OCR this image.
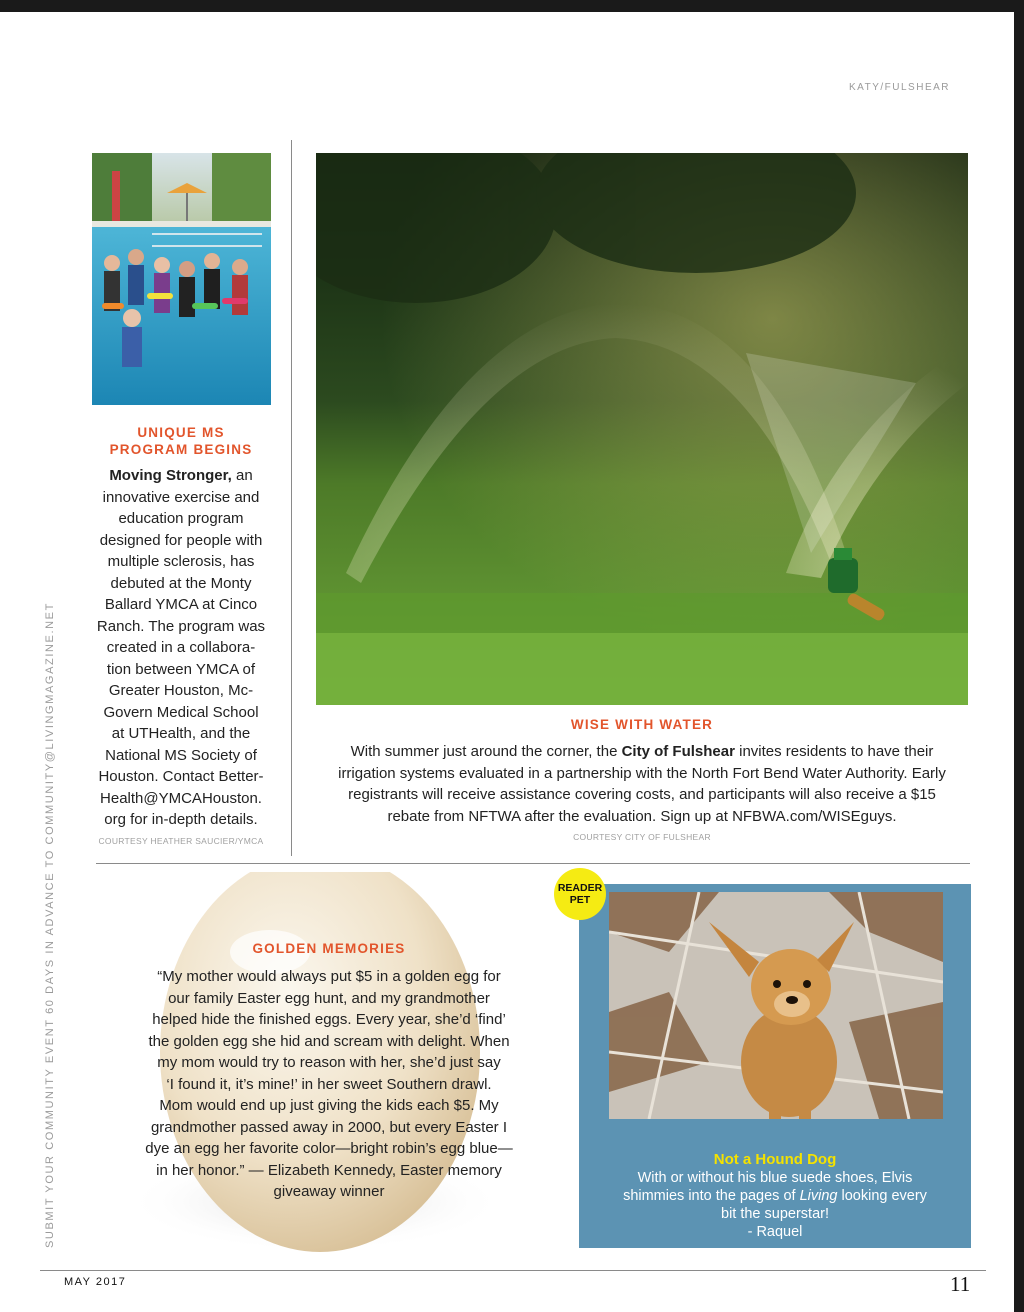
KATY/FULSHEAR
UNIQUE MS
PROGRAM BEGINS
Moving Stronger, an
innovative exercise and
education program
designed for people with
multiple sclerosis, has
debuted at the Monty
Ballard YMCA at Cinco
Ranch. The program was
created in a collabora-
tion between YMCA of
Greater Houston, Mc-
Govern Medical School
at UTHealth, and the
National MS Society of
Houston. Contact Better-
Health@YMCAHouston.
org for in-depth details.
COURTESY HEATHER SAUCIER/YMCA
WISE WITH WATER
With summer just around the corner, the City of Fulshear invites residents to have their
irrigation systems evaluated in a partnership with the North Fort Bend Water Authority. Early
registrants will receive assistance covering costs, and participants will also receive a $15
rebate from NFTWA after the evaluation. Sign up at NFBWA.com/WISEguys.
COURTESY CITY OF FULSHEAR
GOLDEN MEMORIES
“My mother would always put $5 in a golden egg for
our family Easter egg hunt, and my grandmother
helped hide the finished eggs. Every year, she’d ‘find’
the golden egg she hid and scream with delight. When
my mom would try to reason with her, she’d just say
‘I found it, it’s mine!’ in her sweet Southern drawl.
Mom would end up just giving the kids each $5. My
grandmother passed away in 2000, but every Easter I
dye an egg her favorite color—bright robin’s egg blue—
in her honor.” — Elizabeth Kennedy, Easter memory
giveaway winner
Not a Hound Dog
With or without his blue suede shoes, Elvis
shimmies into the pages of Living looking every
bit the superstar!
- Raquel
READER
PET
SUBMIT YOUR COMMUNITY EVENT 60 DAYS IN ADVANCE TO COMMUNITY@LIVINGMAGAZINE.NET
MAY 2017	11
